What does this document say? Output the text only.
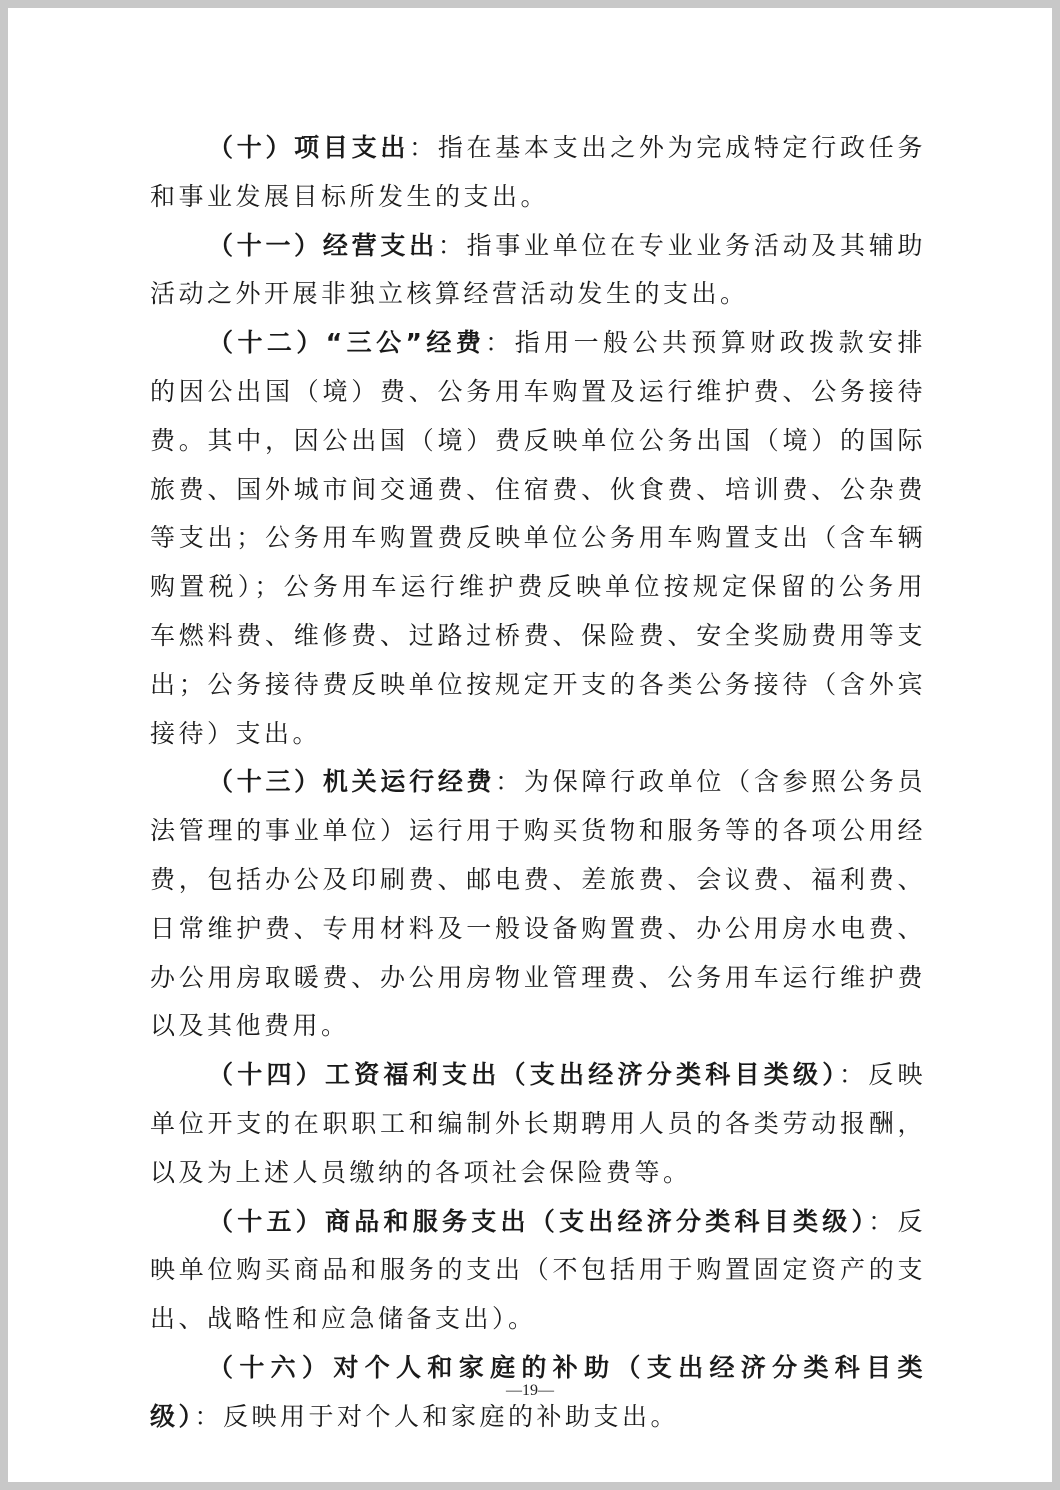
（十）项目支出：指在基本支出之外为完成特定行政任务和事业发展目标所发生的支出。

（十一）经营支出：指事业单位在专业业务活动及其辅助活动之外开展非独立核算经营活动发生的支出。

（十二）“三公”经费：指用一般公共预算财政拨款安排的因公出国（境）费、公务用车购置及运行维护费、公务接待费。其中，因公出国（境）费反映单位公务出国（境）的国际旅费、国外城市间交通费、住宿费、伙食费、培训费、公杂费等支出；公务用车购置费反映单位公务用车购置支出（含车辆购置税）；公务用车运行维护费反映单位按规定保留的公务用车燃料费、维修费、过路过桥费、保险费、安全奖励费用等支出；公务接待费反映单位按规定开支的各类公务接待（含外宾接待）支出。

（十三）机关运行经费：为保障行政单位（含参照公务员法管理的事业单位）运行用于购买货物和服务等的各项公用经费，包括办公及印刷费、邮电费、差旅费、会议费、福利费、日常维护费、专用材料及一般设备购置费、办公用房水电费、办公用房取暖费、办公用房物业管理费、公务用车运行维护费以及其他费用。

（十四）工资福利支出（支出经济分类科目类级）：反映单位开支的在职职工和编制外长期聘用人员的各类劳动报酬，以及为上述人员缴纳的各项社会保险费等。

（十五）商品和服务支出（支出经济分类科目类级）：反映单位购买商品和服务的支出（不包括用于购置固定资产的支出、战略性和应急储备支出）。

（十六）对个人和家庭的补助（支出经济分类科目类级）：反映用于对个人和家庭的补助支出。

—19—
